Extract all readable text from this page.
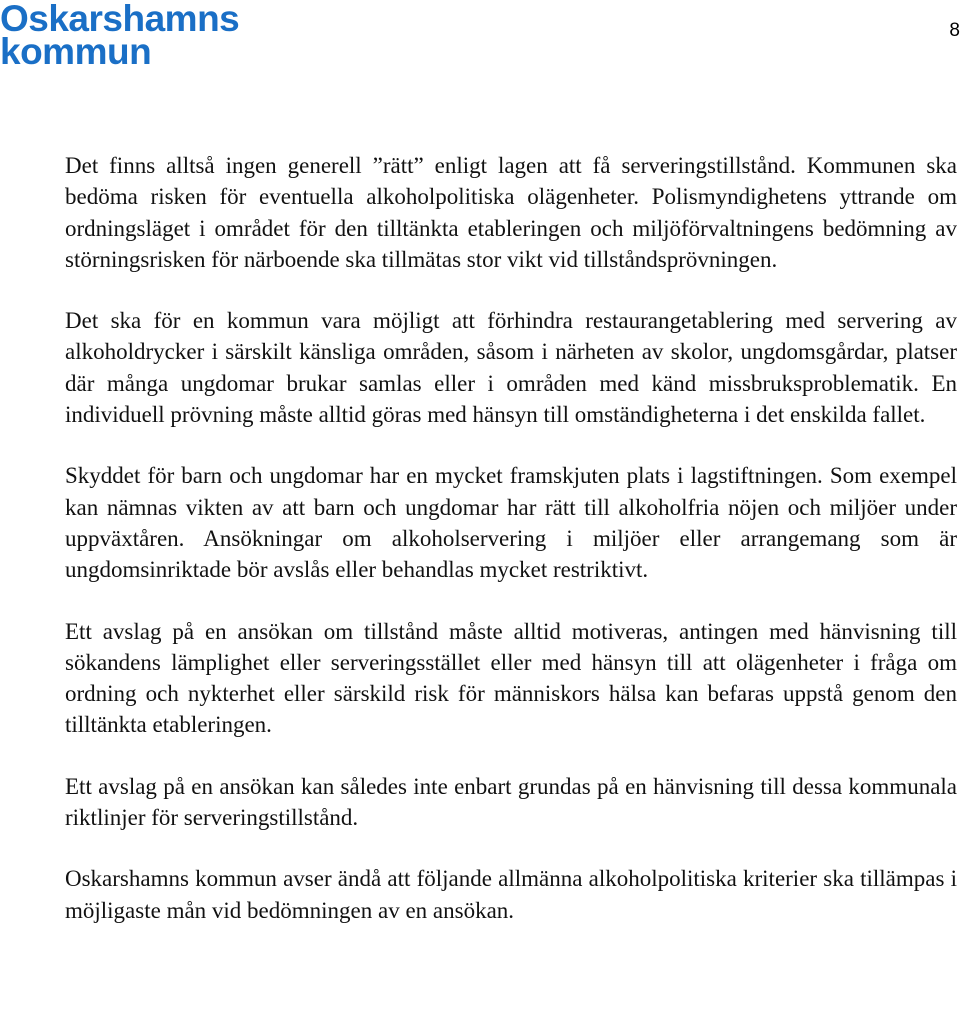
Oskarshamns
kommun
8

Det finns alltså ingen generell ”rätt” enligt lagen att få serveringstillstånd. Kommunen ska bedöma risken för eventuella alkoholpolitiska olägenheter. Polismyndighetens yttrande om ordningsläget i området för den tilltänkta etableringen och miljöförvaltningens bedömning av störningsrisken för närboende ska tillmätas stor vikt vid tillståndsprövningen.

Det ska för en kommun vara möjligt att förhindra restaurangetablering med servering av alkoholdrycker i särskilt känsliga områden, såsom i närheten av skolor, ungdomsgårdar, platser där många ungdomar brukar samlas eller i områden med känd missbruksproblematik. En individuell prövning måste alltid göras med hänsyn till omständigheterna i det enskilda fallet.

Skyddet för barn och ungdomar har en mycket framskjuten plats i lagstiftningen. Som exempel kan nämnas vikten av att barn och ungdomar har rätt till alkoholfria nöjen och miljöer under uppväxtåren. Ansökningar om alkoholservering i miljöer eller arrangemang som är ungdomsinriktade bör avslås eller behandlas mycket restriktivt.

Ett avslag på en ansökan om tillstånd måste alltid motiveras, antingen med hänvisning till sökandens lämplighet eller serveringsstället eller med hänsyn till att olägenheter i fråga om ordning och nykterhet eller särskild risk för människors hälsa kan befaras uppstå genom den tilltänkta etableringen.

Ett avslag på en ansökan kan således inte enbart grundas på en hänvisning till dessa kommunala riktlinjer för serveringstillstånd.

Oskarshamns kommun avser ändå att följande allmänna alkoholpolitiska kriterier ska tillämpas i möjligaste mån vid bedömningen av en ansökan.
